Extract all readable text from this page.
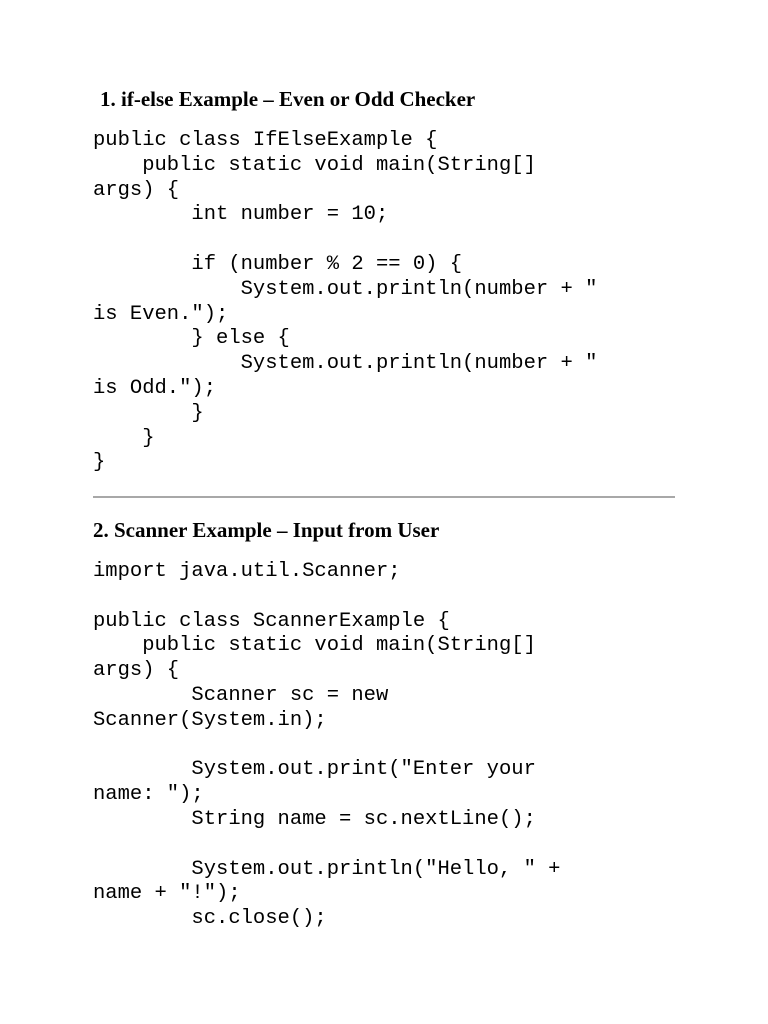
1. if-else Example – Even or Odd Checker
public class IfElseExample {
public static void main(String[]
args) {
int number = 10;
if (number % 2 == 0) {
System.out.println(number + "
is Even.");
} else {
System.out.println(number + "
is Odd.");
}
}
}
2. Scanner Example – Input from User
import java.util.Scanner;
public class ScannerExample {
public static void main(String[]
args) {
Scanner sc = new
Scanner(System.in);
System.out.print("Enter your
name: ");
String name = sc.nextLine();
System.out.println("Hello, " +
name + "!");
sc.close();
